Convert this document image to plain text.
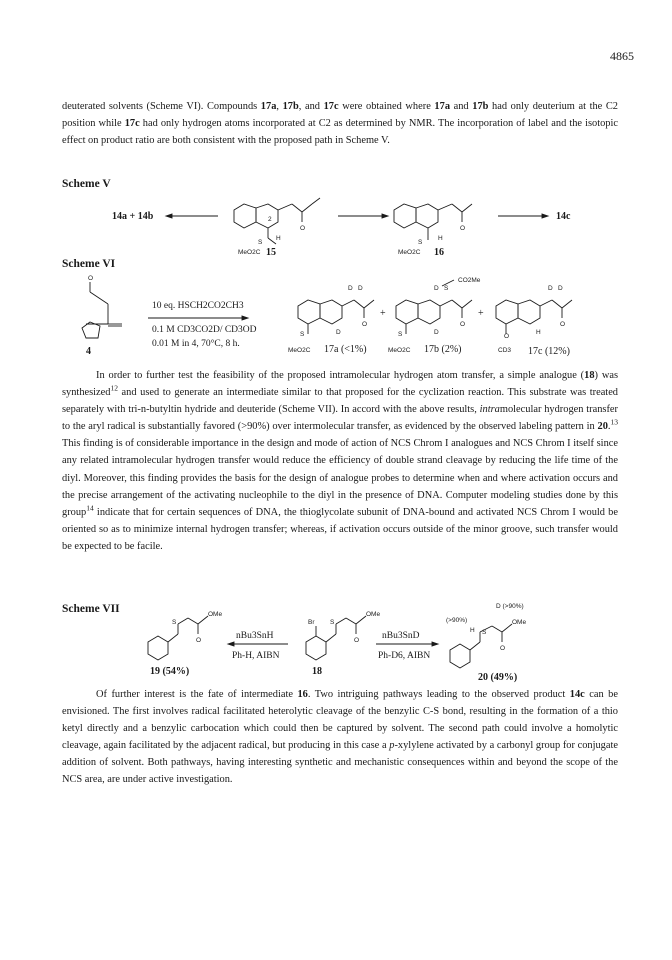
4865

deuterated solvents (Scheme VI). Compounds 17a, 17b, and 17c were obtained where 17a and 17b had only deuterium at the C2 position while 17c had only hydrogen atoms incorporated at C2 as determined by NMR. The incorporation of label and the isotopic effect on product ratio are both consistent with the proposed path in Scheme V.

Scheme V
14a + 14b	2
S
H
O
MeO2C 15
S
H
O
MeO2C 16
14c
Scheme VI
O
4
10 eq. HSCH2CO2CH3
0.1 M CD3CO2D/ CD3OD
0.01 M in 4, 70°C, 8 h.
D D
S	D
O
MeO2C 17a (<1%)
+
D S
CO2Me
S	D
O
MeO2C 17b (2%)
+
D D
O
H
O
CD3 17c (12%)

In order to further test the feasibility of the proposed intramolecular hydrogen atom transfer, a simple analogue (18) was synthesized$^{12}$ and used to generate an intermediate similar to that proposed for the cyclization reaction. This substrate was treated separately with tri-n-butyltin hydride and deuteride (Scheme VII). In accord with the above results, intramolecular hydrogen transfer to the aryl radical is substantially favored (>90%) over intermolecular transfer, as evidenced by the observed labeling pattern in 20.13 This finding is of considerable importance in the design and mode of action of NCS Chrom I analogues and NCS Chrom I itself since any related intramolecular hydrogen transfer would reduce the efficiency of double strand cleavage by reducing the life time of the diyl. Moreover, this finding provides the basis for the design of analogue probes to determine when and where activation occurs and the precise arrangement of the activating nucleophile to the diyl in the presence of DNA. Computer modeling studies done by this group$^{14}$ indicate that for certain sequences of DNA, the thioglycolate subunit of DNA-bound and activated NCS Chrom I would be oriented so as to minimize internal hydrogen transfer; whereas, if activation occurs outside of the minor groove, such transfer would be expected to be facile.

Scheme VII
S
O
OMe
19 (54%)
nBu3SnH
Ph-H, AIBN
Br S
O
OMe
18
nBu3SnD
Ph-D6, AIBN
(>90%)
D (>90%)
H S
O
OMe
20 (49%)

Of further interest is the fate of intermediate 16. Two intriguing pathways leading to the observed product 14c can be envisioned. The first involves radical facilitated heterolytic cleavage of the benzylic C-S bond, resulting in the formation of a thio ketyl directly and a benzylic carbocation which could then be captured by solvent. The second path could involve a homolytic cleavage, again facilitated by the adjacent radical, but producing in this case a p-xylylene activated by a carbonyl group for conjugate addition of solvent. Both pathways, having interesting synthetic and mechanistic consequences within and beyond the scope of the NCS area, are under active investigation.
